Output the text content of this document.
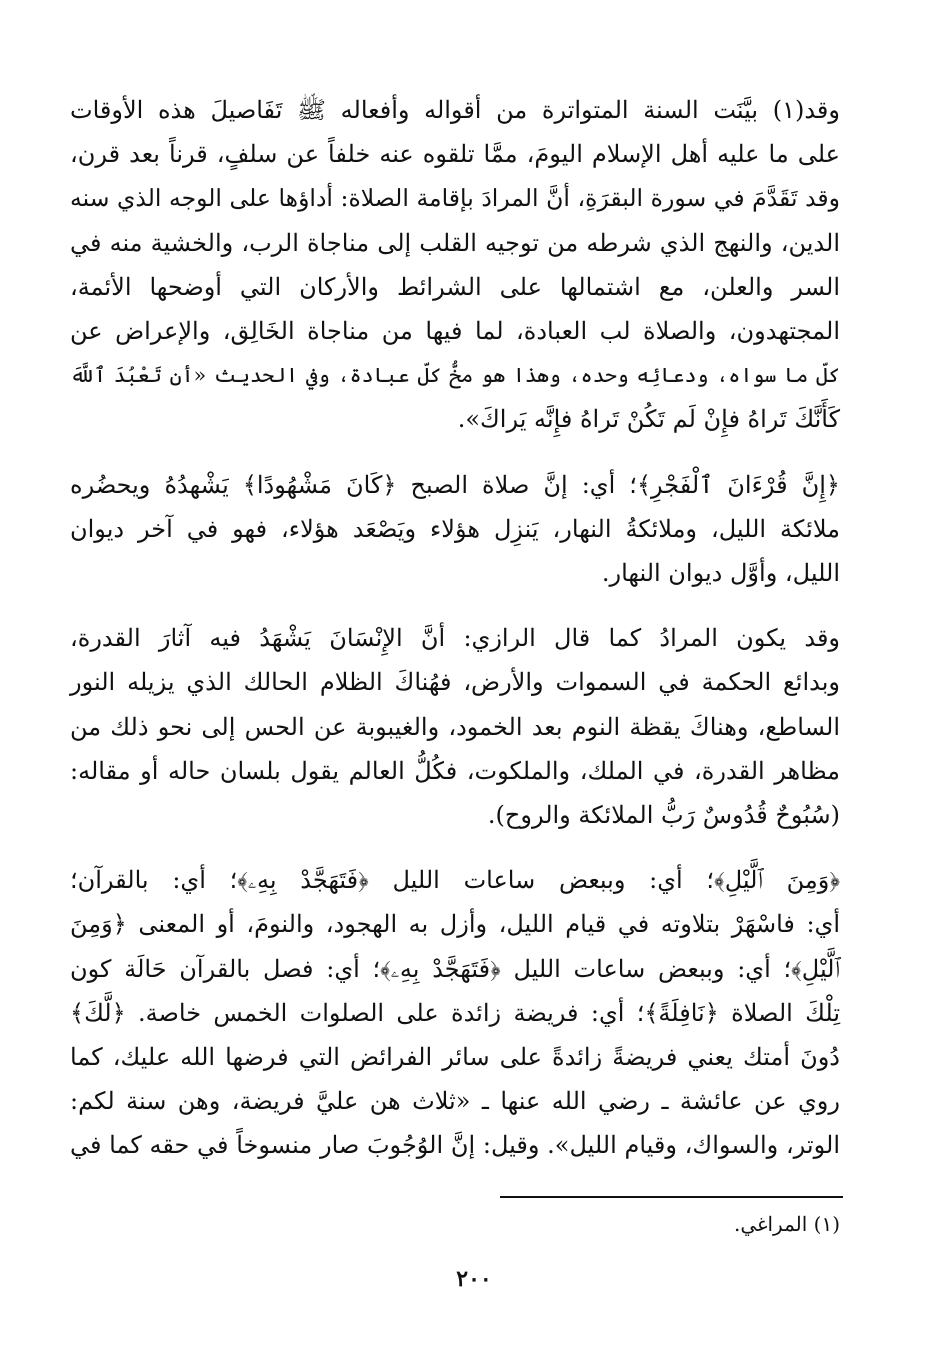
وقد(١) بيَّنَت السنة المتواترة من أقواله وأفعاله ﷺ تَفَاصيلَ هذه الأوقات
على ما عليه أهل الإسلام اليومَ، ممَّا تلقوه عنه خلفاً عن سلفٍ، قرناً بعد قرن،
وقد تَقَدَّمَ في سورة البقرَةِ، أنَّ المرادَ بإقامة الصلاة: أداؤها على الوجه الذي سنه
الدين، والنهج الذي شرطه من توجيه القلب إلى مناجاة الرب، والخشية منه في
السر والعلن، مع اشتمالها على الشرائط والأركان التي أوضحها الأئمة،
المجتهدون، والصلاة لب العبادة، لما فيها من مناجاة الخَالِق، والإعراض عن
كلّ ما سواه، ودعائِه وحده، وهذا هو مخُّ كلّ عبادة، وفي الحديث «أن تَعْبُدَ ٱللَّهَ
كَأَنَّكَ تَراهُ فإِنْ لَم تَكُنْ تَراهُ فإِنَّه يَراكَ».

﴿إِنَّ قُرْءَانَ ٱلْفَجْرِ﴾؛ أي: إنَّ صلاة الصبح ﴿كَانَ مَشْهُودًا﴾ يَشْهدُهُ ويحضُره
ملائكة الليل، وملائكةُ النهار، يَنزِل هؤلاء ويَصْعَد هؤلاء، فهو في آخر ديوان
الليل، وأوَّل ديوان النهار.

وقد يكون المرادُ كما قال الرازي: أنَّ الإِنْسَانَ يَشْهَدُ فيه آثارَ القدرة،
وبدائع الحكمة في السموات والأرض، فهُناكَ الظلام الحالك الذي يزيله النور
الساطع، وهناكَ يقظة النوم بعد الخمود، والغيبوبة عن الحس إلى نحو ذلك من
مظاهر القدرة، في الملك، والملكوت، فكُلُّ العالم يقول بلسان حاله أو مقاله:
(سُبُوحٌ قُدُوسٌ رَبُّ الملائكة والروح).

﴿وَمِنَ ٱلَّيْلِ﴾؛ أي: وببعض ساعات الليل ﴿فَتَهَجَّدْ بِهِۦ﴾؛ أي: بالقرآن؛
أي: فاسْهَرْ بتلاوته في قيام الليل، وأزل به الهجود، والنومَ، أو المعنى ﴿وَمِنَ
ٱلَّيْلِ﴾؛ أي: وببعض ساعات الليل ﴿فَتَهَجَّدْ بِهِۦ﴾؛ أي: فصل بالقرآن حَالَة كون
تِلْكَ الصلاة ﴿نَافِلَةً﴾؛ أي: فريضة زائدة على الصلوات الخمس خاصة. ﴿لَّكَ﴾
دُونَ أمتك يعني فريضةً زائدةً على سائر الفرائض التي فرضها الله عليك، كما
روي عن عائشة ـ رضي الله عنها ـ «ثلاث هن عليَّ فريضة، وهن سنة لكم:
الوتر، والسواك، وقيام الليل». وقيل: إنَّ الوُجُوبَ صار منسوخاً في حقه كما في

(١) المراغي.
٢٠٠
